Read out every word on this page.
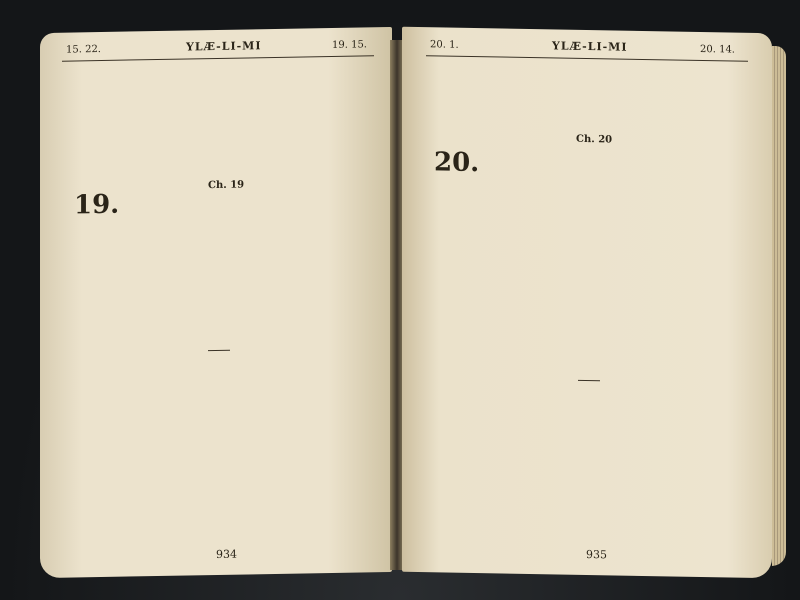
15. 22.	YLÆ-LI-MI	19. 15.

19.
Ch. 19

934
20. 1.	YLÆ-LI-MI	20. 14.

20.
Ch. 20

935
